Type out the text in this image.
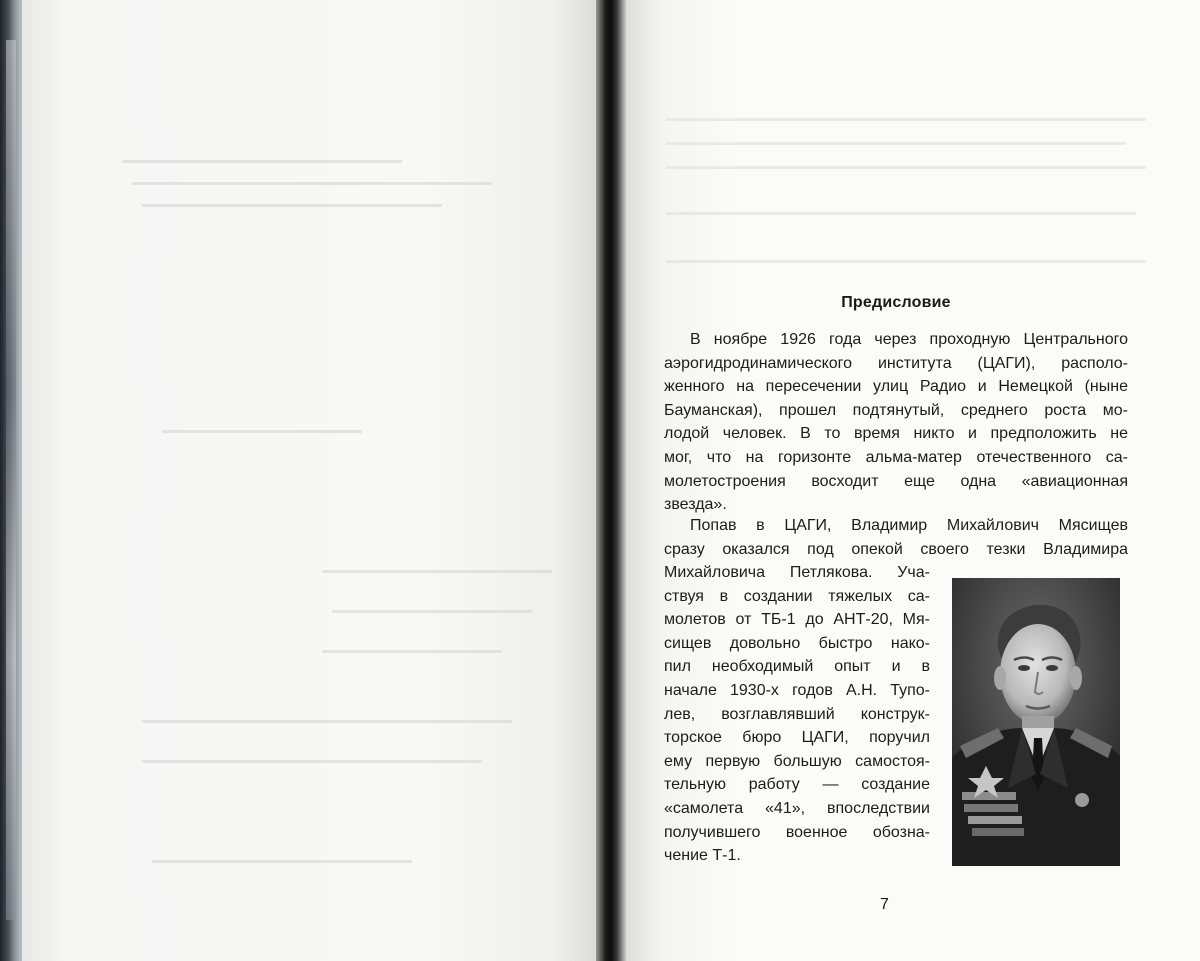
Предисловие
В ноябре 1926 года через проходную Центрального
аэрогидродинамического института (ЦАГИ), располо-
женного на пересечении улиц Радио и Немецкой (ныне
Бауманская), прошел подтянутый, среднего роста мо-
лодой человек. В то время никто и предположить не
мог, что на горизонте альма-матер отечественного са-
молетостроения восходит еще одна «авиационная
звезда».
Попав в ЦАГИ, Владимир Михайлович Мясищев
сразу оказался под опекой своего тезки Владимира
Михайловича Петлякова. Уча-
ствуя в создании тяжелых са-
молетов от ТБ-1 до АНТ-20, Мя-
сищев довольно быстро нако-
пил необходимый опыт и в
начале 1930-х годов А.Н. Тупо-
лев, возглавлявший конструк-
торское бюро ЦАГИ, поручил
ему первую большую самостоя-
тельную работу — создание
«самолета «41», впоследствии
получившего военное обозна-
чение Т-1.
7
